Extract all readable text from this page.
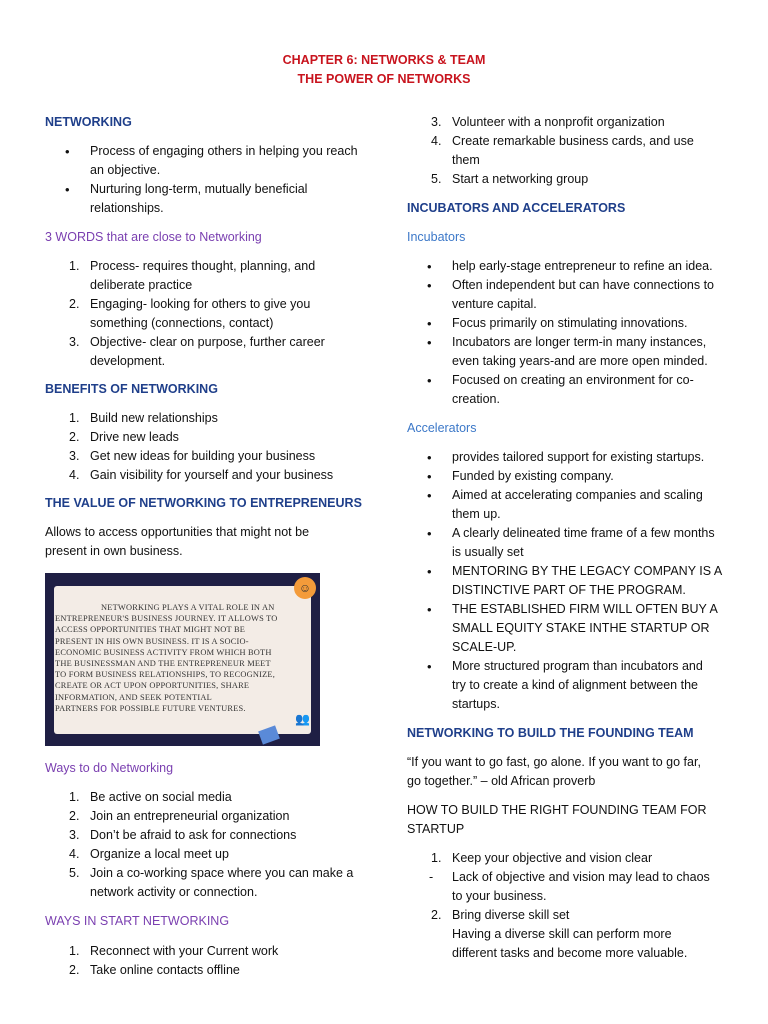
CHAPTER 6: NETWORKS & TEAM
THE POWER OF NETWORKS

NETWORKING

• Process of engaging others in helping you reach
an objective.
• Nurturing long-term, mutually beneficial
relationships.

3 WORDS that are close to Networking

1. Process- requires thought, planning, and
deliberate practice
2. Engaging- looking for others to give you
something (connections, contact)
3. Objective- clear on purpose, further career
development.

BENEFITS OF NETWORKING

1. Build new relationships
2. Drive new leads
3. Get new ideas for building your business
4. Gain visibility for yourself and your business

THE VALUE OF NETWORKING TO ENTREPRENEURS

Allows to access opportunities that might not be
present in own business.

NETWORKING PLAYS A VITAL ROLE IN AN
ENTREPRENEUR'S BUSINESS JOURNEY. IT ALLOWS TO
ACCESS OPPORTUNITIES THAT MIGHT NOT BE
PRESENT IN HIS OWN BUSINESS. IT IS A SOCIO-
ECONOMIC BUSINESS ACTIVITY FROM WHICH BOTH
THE BUSINESSMAN AND THE ENTREPRENEUR MEET
TO FORM BUSINESS RELATIONSHIPS, TO RECOGNIZE,
CREATE OR ACT UPON OPPORTUNITIES, SHARE
INFORMATION, AND SEEK POTENTIAL
PARTNERS FOR POSSIBLE FUTURE VENTURES.
☺
👥

Ways to do Networking

1. Be active on social media
2. Join an entrepreneurial organization
3. Don’t be afraid to ask for connections
4. Organize a local meet up
5. Join a co-working space where you can make a
network activity or connection.

WAYS IN START NETWORKING

1. Reconnect with your Current work
2. Take online contacts offline
3. Volunteer with a nonprofit organization
4. Create remarkable business cards, and use
them
5. Start a networking group

INCUBATORS AND ACCELERATORS

Incubators

• help early-stage entrepreneur to refine an idea.
• Often independent but can have connections to
venture capital.
• Focus primarily on stimulating innovations.
• Incubators are longer term-in many instances,
even taking years-and are more open minded.
• Focused on creating an environment for co-
creation.

Accelerators

• provides tailored support for existing startups.
• Funded by existing company.
• Aimed at accelerating companies and scaling
them up.
• A clearly delineated time frame of a few months
is usually set
• MENTORING BY THE LEGACY COMPANY IS A
DISTINCTIVE PART OF THE PROGRAM.
• THE ESTABLISHED FIRM WILL OFTEN BUY A
SMALL EQUITY STAKE INTHE STARTUP OR
SCALE-UP.
• More structured program than incubators and
try to create a kind of alignment between the
startups.

NETWORKING TO BUILD THE FOUNDING TEAM

“If you want to go fast, go alone. If you want to go far,
go together.” – old African proverb

HOW TO BUILD THE RIGHT FOUNDING TEAM FOR
STARTUP

1. Keep your objective and vision clear
- Lack of objective and vision may lead to chaos
to your business.
2. Bring diverse skill set
Having a diverse skill can perform more
different tasks and become more valuable.
